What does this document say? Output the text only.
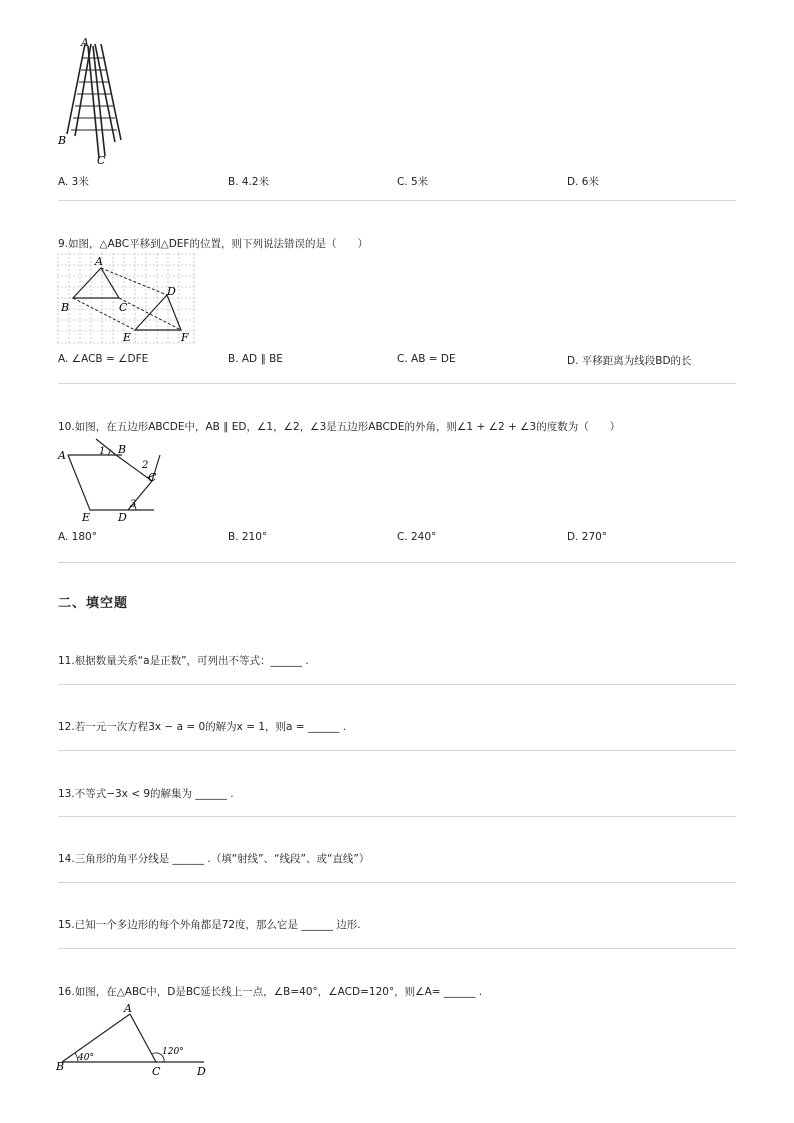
A
B
C
A. 3米	B. 4.2米	C. 5米	D. 6米
9.如图，△ABC平移到△DEF的位置，则下列说法错误的是（　　）
A
B	C
D
E	F
A. ∠ACB = ∠DFE	B. AD ∥ BE	C. AB = DE	D. 平移距离为线段BD的长
10.如图，在五边形ABCDE中，AB ∥ ED，∠1，∠2，∠3是五边形ABCDE的外角，则∠1 + ∠2 + ∠3的度数为（　　）
A	B
C
D
E
1
2
3
A. 180°	B. 210°	C. 240°	D. 270°
二、填空题
11.根据数量关系“a是正数”，可列出不等式：______ .
12.若一元一次方程3x − a = 0的解为x = 1，则a = ______ .
13.不等式−3x < 9的解集为 ______ .
14.三角形的角平分线是 ______ .（填“射线”、“线段”、或“直线”）
15.已知一个多边形的每个外角都是72度，那么它是 ______ 边形.
16.如图，在△ABC中，D是BC延长线上一点，∠B=40°，∠ACD=120°，则∠A= ______ .
A
B	C	D
40°
120°
